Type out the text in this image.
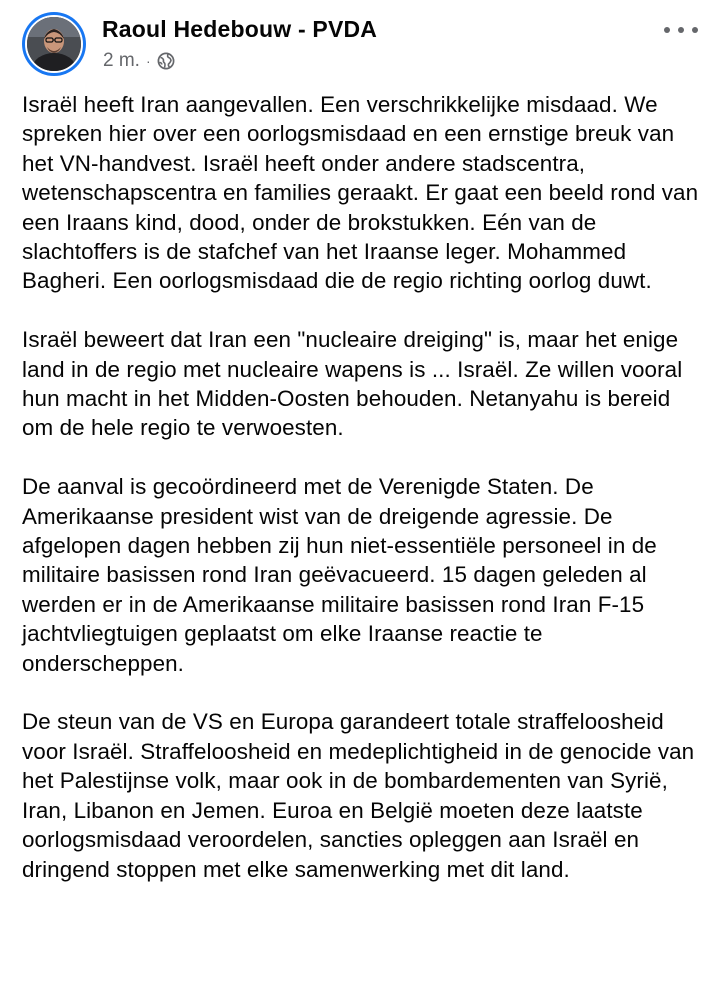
Raoul Hedebouw - PVDA
2 m. ·

Israël heeft Iran aangevallen. Een verschrikkelijke misdaad. We spreken hier over een oorlogsmisdaad en een ernstige breuk van het VN-handvest. Israël heeft onder andere stadscentra, wetenschapscentra en families geraakt. Er gaat een beeld rond van een Iraans kind, dood, onder de brokstukken. Eén van de slachtoffers is de stafchef van het Iraanse leger. Mohammed Bagheri. Een oorlogsmisdaad die de regio richting oorlog duwt.

Israël beweert dat Iran een "nucleaire dreiging" is, maar het enige land in de regio met nucleaire wapens is ... Israël. Ze willen vooral hun macht in het Midden-Oosten behouden. Netanyahu is bereid om de hele regio te verwoesten.

De aanval is gecoördineerd met de Verenigde Staten. De Amerikaanse president wist van de dreigende agressie. De afgelopen dagen hebben zij hun niet-essentiële personeel in de militaire basissen rond Iran geëvacueerd. 15 dagen geleden al werden er in de Amerikaanse militaire basissen rond Iran F-15 jachtvliegtuigen geplaatst om elke Iraanse reactie te onderscheppen.

De steun van de VS en Europa garandeert totale straffeloosheid voor Israël. Straffeloosheid en medeplichtigheid in de genocide van het Palestijnse volk, maar ook in de bombardementen van Syrië, Iran, Libanon en Jemen. Euroa en België moeten deze laatste oorlogsmisdaad veroordelen, sancties opleggen aan Israël en dringend stoppen met elke samenwerking met dit land.
